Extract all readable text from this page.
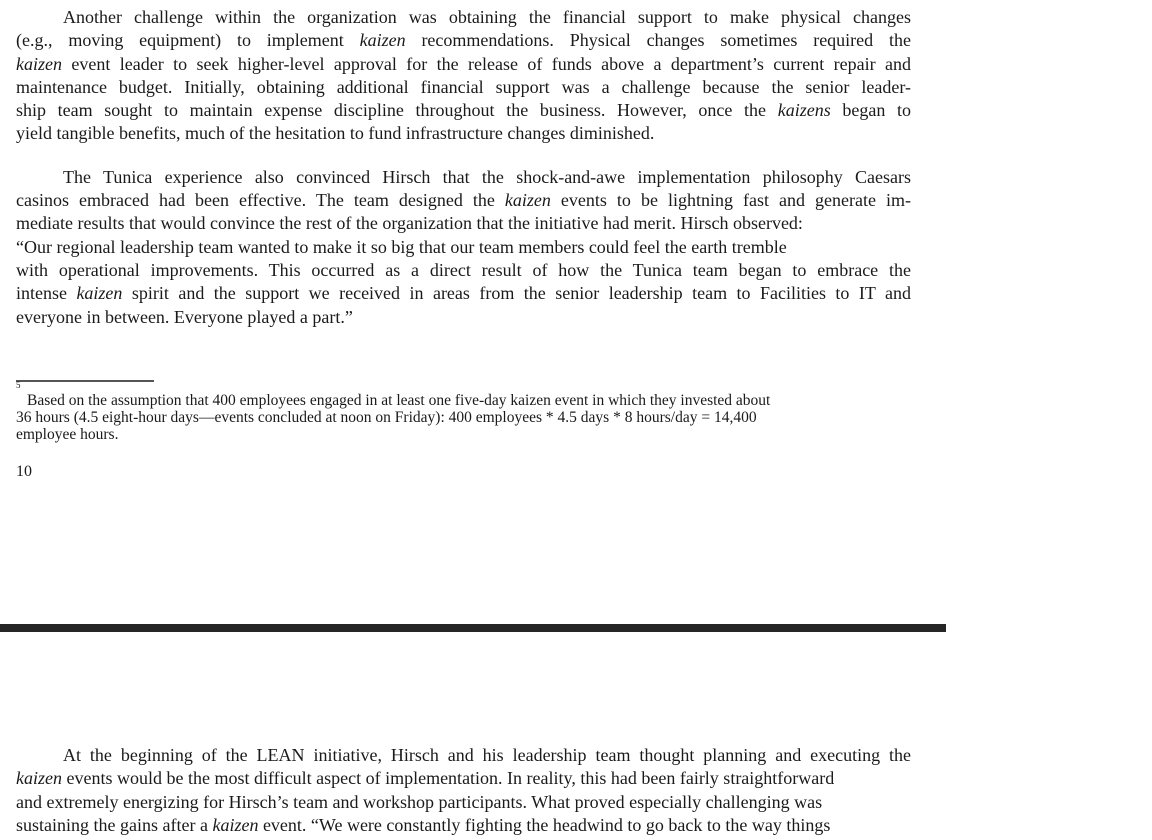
Another challenge within the organization was obtaining the financial support to make physical changes
(e.g., moving equipment) to implement kaizen recommendations. Physical changes sometimes required the
kaizen event leader to seek higher-level approval for the release of funds above a department’s current repair and
maintenance budget. Initially, obtaining additional financial support was a challenge because the senior leader-
ship team sought to maintain expense discipline throughout the business. However, once the kaizens began to
yield tangible benefits, much of the hesitation to fund infrastructure changes diminished.

The Tunica experience also convinced Hirsch that the shock-and-awe implementation philosophy Caesars
casinos embraced had been effective. The team designed the kaizen events to be lightning fast and generate im-
mediate results that would convince the rest of the organization that the initiative had merit. Hirsch observed:
“Our regional leadership team wanted to make it so big that our team members could feel the earth tremble
with operational improvements. This occurred as a direct result of how the Tunica team began to embrace the
intense kaizen spirit and the support we received in areas from the senior leadership team to Facilities to IT and
everyone in between. Everyone played a part.”

5

Based on the assumption that 400 employees engaged in at least one five-day kaizen event in which they invested about
36 hours (4.5 eight-hour days—events concluded at noon on Friday): 400 employees * 4.5 days * 8 hours/day = 14,400
employee hours.

10

At the beginning of the LEAN initiative, Hirsch and his leadership team thought planning and executing the
kaizen events would be the most difficult aspect of implementation. In reality, this had been fairly straightforward
and extremely energizing for Hirsch’s team and workshop participants. What proved especially challenging was
sustaining the gains after a kaizen event. “We were constantly fighting the headwind to go back to the way things
